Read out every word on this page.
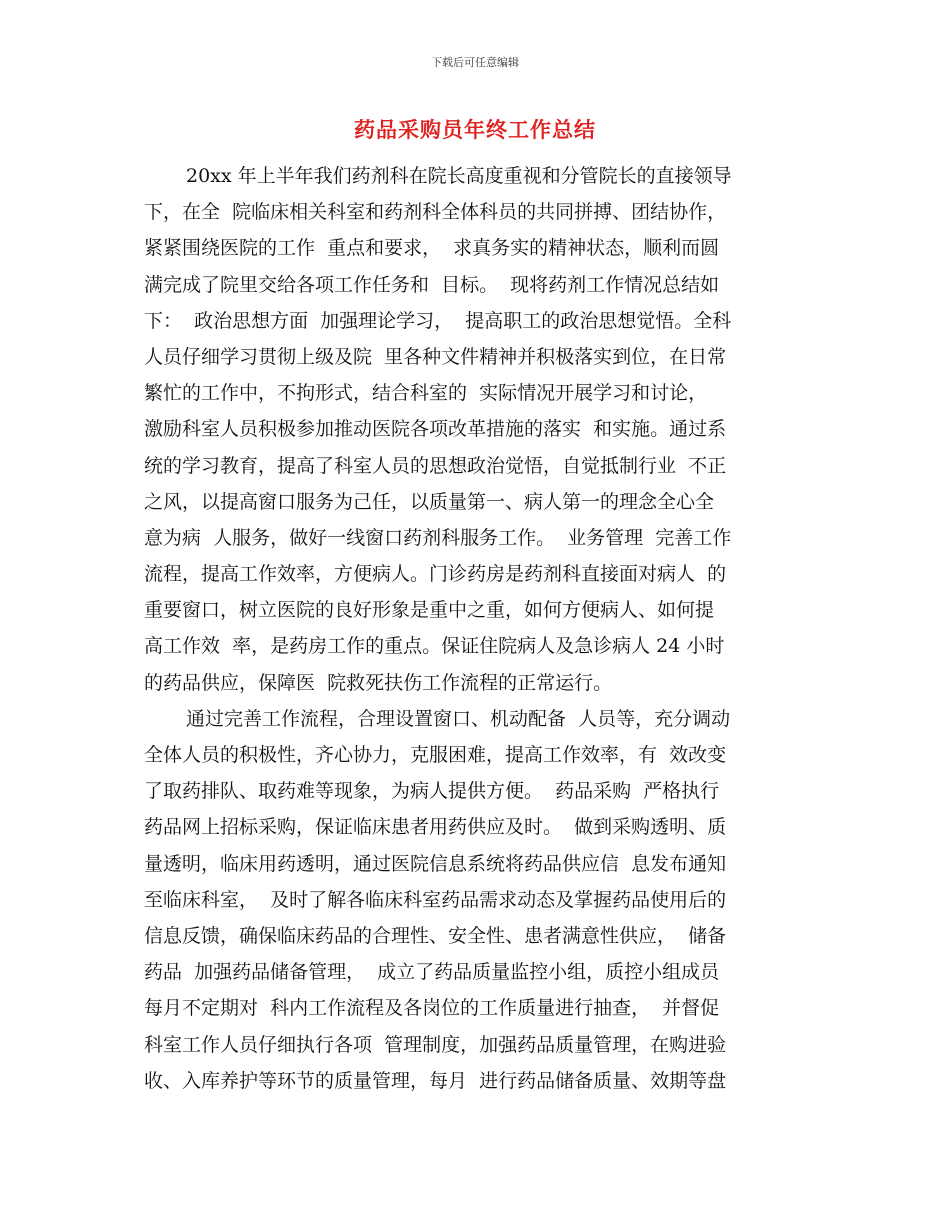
下载后可任意编辑
药品采购员年终工作总结
20xx 年上半年我们药剂科在院长高度重视和分管院长的直接领导
下，在全  院临床相关科室和药剂科全体科员的共同拼搏、团结协作，
紧紧围绕医院的工作  重点和要求，  求真务实的精神状态，顺利而圆
满完成了院里交给各项工作任务和  目标。  现将药剂工作情况总结如
下：  政治思想方面  加强理论学习，  提高职工的政治思想觉悟。全科
人员仔细学习贯彻上级及院  里各种文件精神并积极落实到位，在日常
繁忙的工作中，不拘形式，结合科室的  实际情况开展学习和讨论，
激励科室人员积极参加推动医院各项改革措施的落实  和实施。通过系
统的学习教育，提高了科室人员的思想政治觉悟，自觉抵制行业  不正
之风，以提高窗口服务为己任，以质量第一、病人第一的理念全心全
意为病  人服务，做好一线窗口药剂科服务工作。  业务管理  完善工作
流程，提高工作效率，方便病人。门诊药房是药剂科直接面对病人  的
重要窗口，树立医院的良好形象是重中之重，如何方便病人、如何提
高工作效  率，是药房工作的重点。保证住院病人及急诊病人 24 小时
的药品供应，保障医  院救死扶伤工作流程的正常运行。
通过完善工作流程，合理设置窗口、机动配备  人员等，充分调动
全体人员的积极性，齐心协力，克服困难，提高工作效率，有  效改变
了取药排队、取药难等现象，为病人提供方便。  药品采购  严格执行
药品网上招标采购，保证临床患者用药供应及时。  做到采购透明、质
量透明，临床用药透明，通过医院信息系统将药品供应信  息发布通知
至临床科室，  及时了解各临床科室药品需求动态及掌握药品使用后的
信息反馈，确保临床药品的合理性、安全性、患者满意性供应，  储备
药品  加强药品储备管理，  成立了药品质量监控小组，质控小组成员
每月不定期对  科内工作流程及各岗位的工作质量进行抽查，  并督促
科室工作人员仔细执行各项  管理制度，加强药品质量管理，在购进验
收、入库养护等环节的质量管理，每月  进行药品储备质量、效期等盘
